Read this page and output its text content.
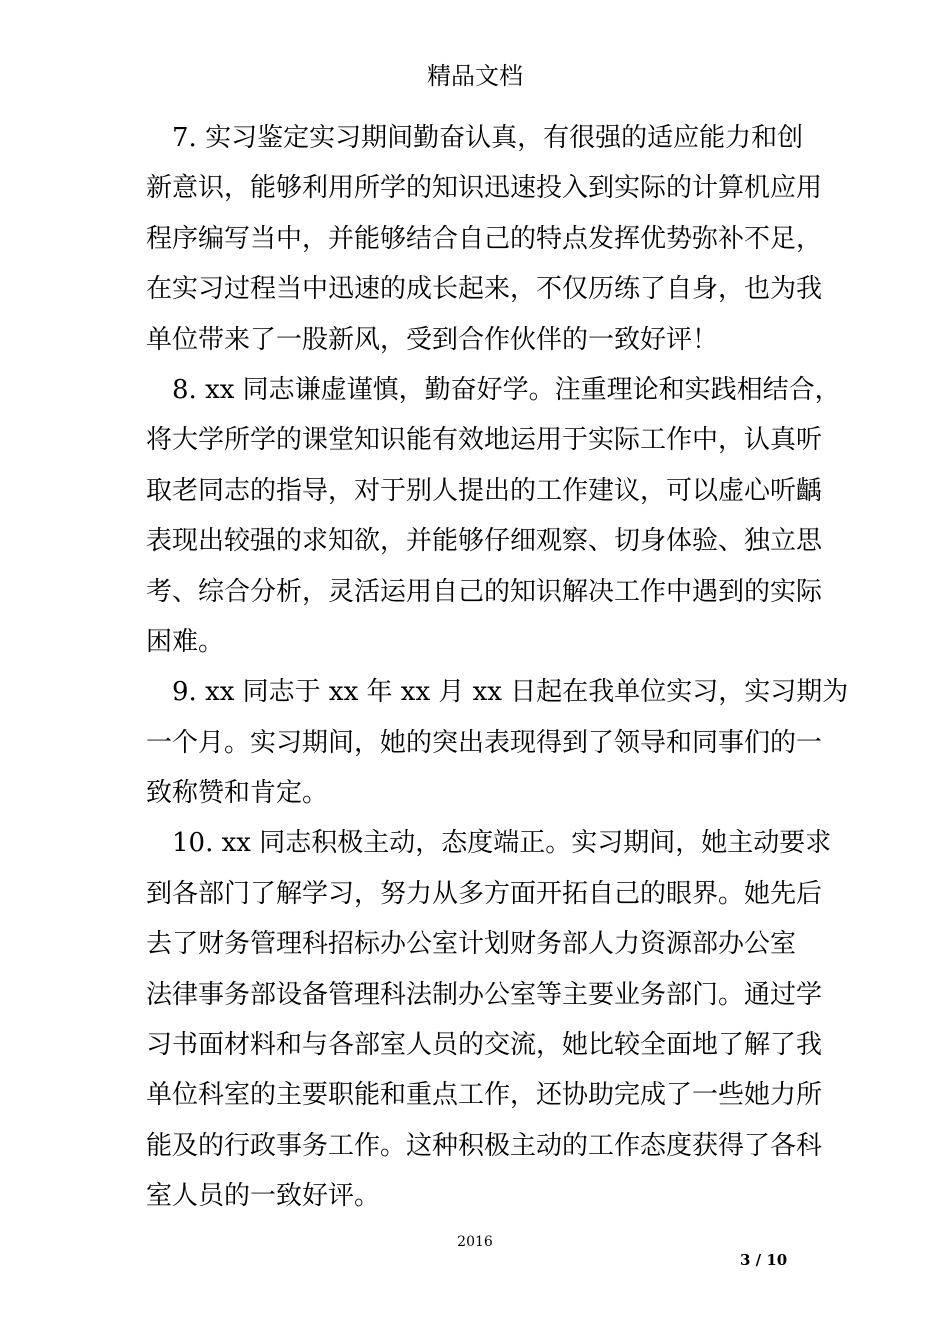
精品文档
7. 实习鉴定实习期间勤奋认真，有很强的适应能力和创
新意识，能够利用所学的知识迅速投入到实际的计算机应用
程序编写当中，并能够结合自己的特点发挥优势弥补不足，
在实习过程当中迅速的成长起来，不仅历练了自身，也为我
单位带来了一股新风，受到合作伙伴的一致好评！
8. xx 同志谦虚谨慎，勤奋好学。注重理论和实践相结合，
将大学所学的课堂知识能有效地运用于实际工作中，认真听
取老同志的指导，对于别人提出的工作建议，可以虚心听齲
表现出较强的求知欲，并能够仔细观察、切身体验、独立思
考、综合分析，灵活运用自己的知识解决工作中遇到的实际
困难。
9. xx 同志于 xx 年 xx 月 xx 日起在我单位实习，实习期为
一个月。实习期间，她的突出表现得到了领导和同事们的一
致称赞和肯定。
10. xx 同志积极主动，态度端正。实习期间，她主动要求
到各部门了解学习，努力从多方面开拓自己的眼界。她先后
去了财务管理科招标办公室计划财务部人力资源部办公室
法律事务部设备管理科法制办公室等主要业务部门。通过学
习书面材料和与各部室人员的交流，她比较全面地了解了我
单位科室的主要职能和重点工作，还协助完成了一些她力所
能及的行政事务工作。这种积极主动的工作态度获得了各科
室人员的一致好评。
2016
3 / 10
